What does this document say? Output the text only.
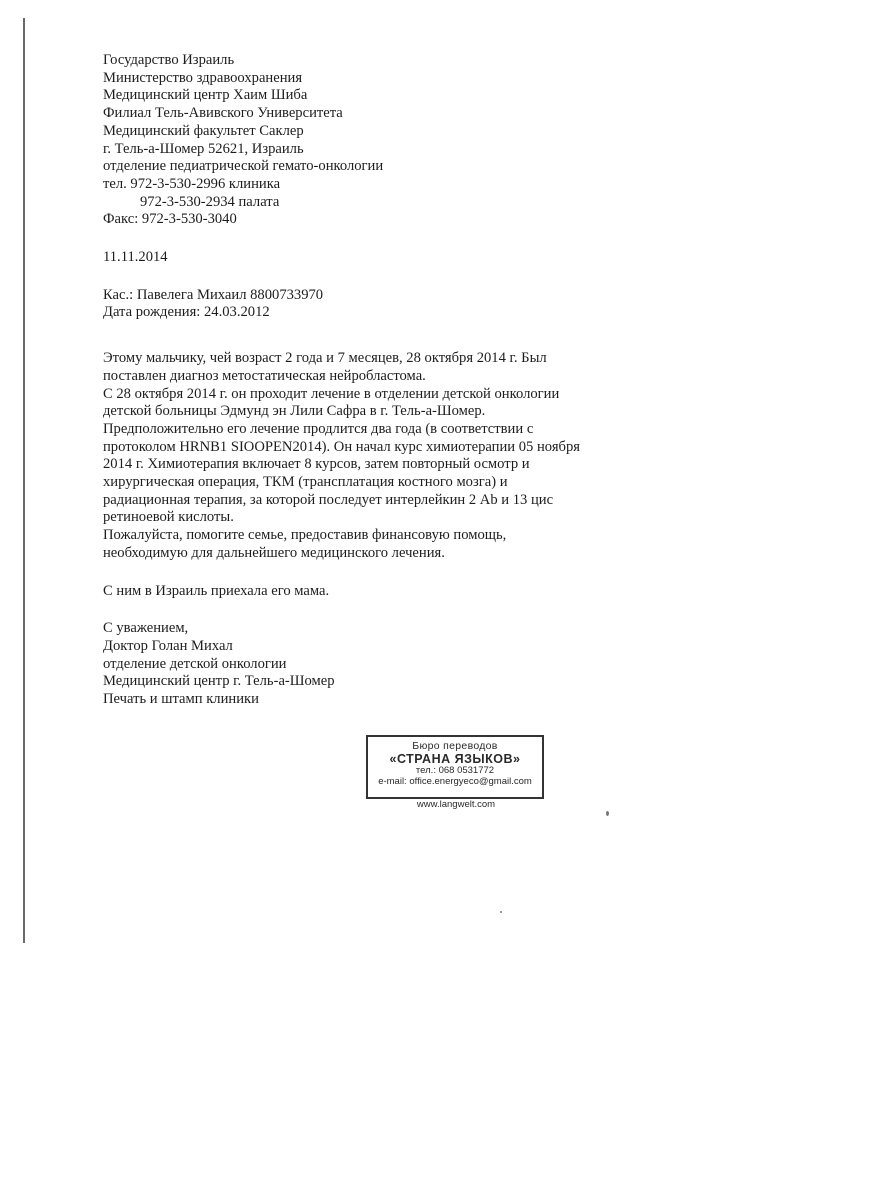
Государство Израиль
Министерство здравоохранения
Медицинский центр Хаим Шиба
Филиал Тель-Авивского Университета
Медицинский факультет Саклер
г. Тель-а-Шомер 52621, Израиль
отделение педиатрической гемато-онкологии
тел. 972-3-530-2996 клиника
972-3-530-2934 палата
Факс: 972-3-530-3040
11.11.2014
Кас.: Павелега Михаил 8800733970
Дата рождения: 24.03.2012
Этому мальчику, чей возраст 2 года и 7 месяцев, 28 октября 2014 г. Был
поставлен диагноз метостатическая нейробластома.
С 28 октября 2014 г. он проходит лечение в отделении детской онкологии
детской больницы Эдмунд эн Лили Сафра в г. Тель-а-Шомер.
Предположительно его лечение продлится два года (в соответствии с
протоколом HRNB1 SIOOPEN2014). Он начал курс химиотерапии 05 ноября
2014 г. Химиотерапия включает 8 курсов, затем повторный осмотр и
хирургическая операция, ТКМ (трансплатация костного мозга) и
радиационная терапия, за которой последует интерлейкин 2 Ab и 13 цис
ретиноевой кислоты.
Пожалуйста, помогите семье, предоставив финансовую помощь,
необходимую для дальнейшего медицинского лечения.
С ним в Израиль приехала его мама.
С уважением,
Доктор Голан Михал
отделение детской онкологии
Медицинский центр г. Тель-а-Шомер
Печать и штамп клиники
Бюро переводов
«СТРАНА ЯЗЫКОВ»
тел.: 068 0531772
e-mail: office.energyeco@gmail.com
www.langwelt.com
